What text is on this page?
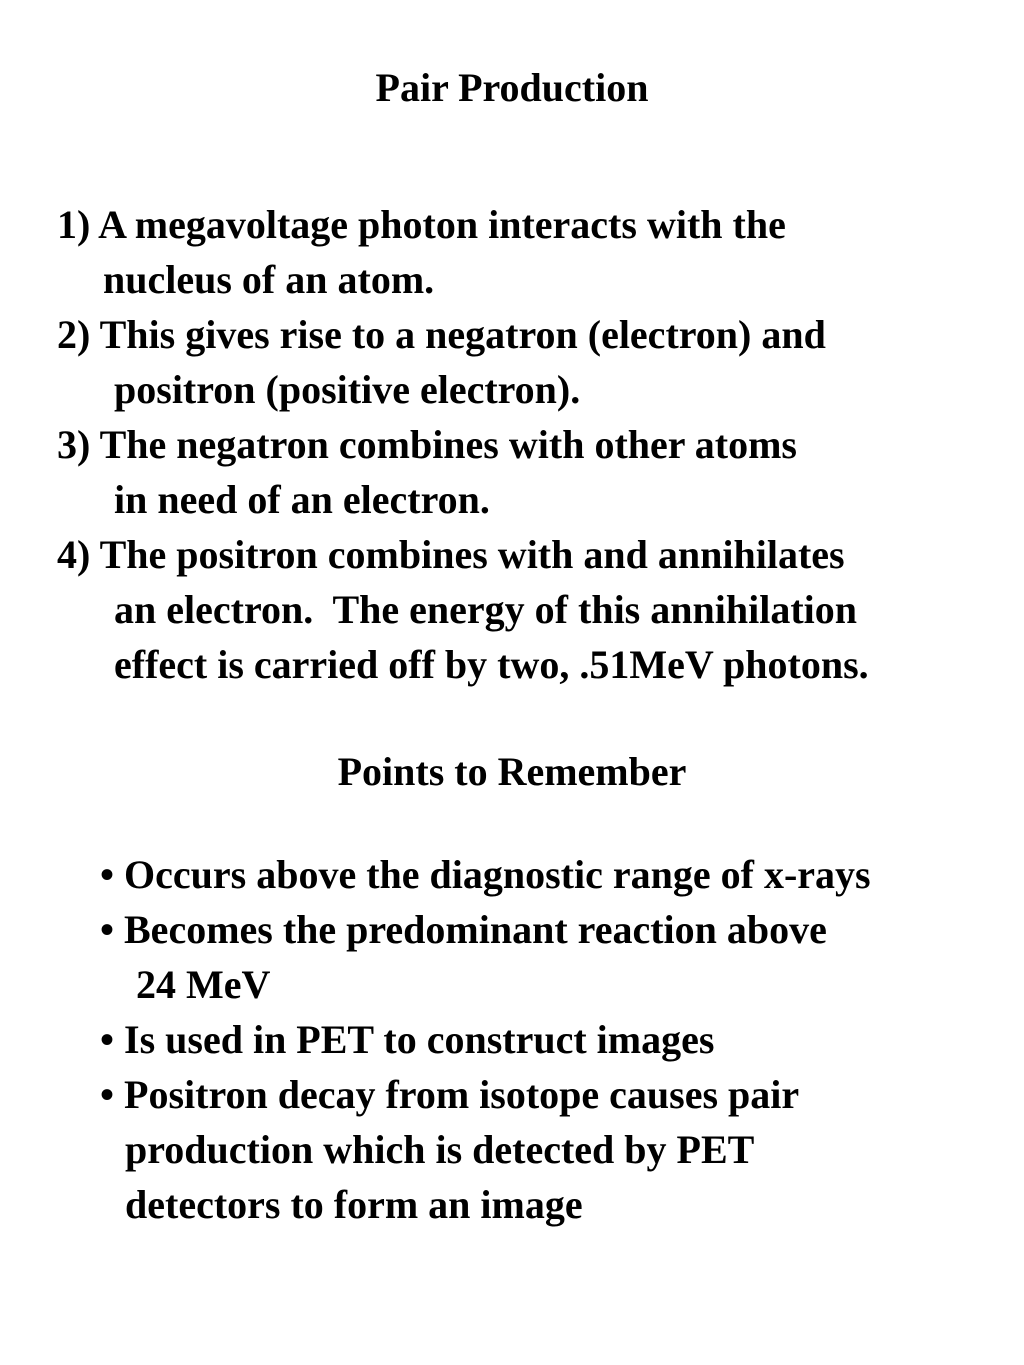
Pair Production
1) A megavoltage photon interacts with the
nucleus of an atom.
2) This gives rise to a negatron (electron) and
positron (positive electron).
3) The negatron combines with other atoms
in need of an electron.
4) The positron combines with and annihilates
an electron.  The energy of this annihilation
effect is carried off by two, .51MeV photons.
Points to Remember
• Occurs above the diagnostic range of x-rays
• Becomes the predominant reaction above
24 MeV
• Is used in PET to construct images
• Positron decay from isotope causes pair
production which is detected by PET
detectors to form an image
